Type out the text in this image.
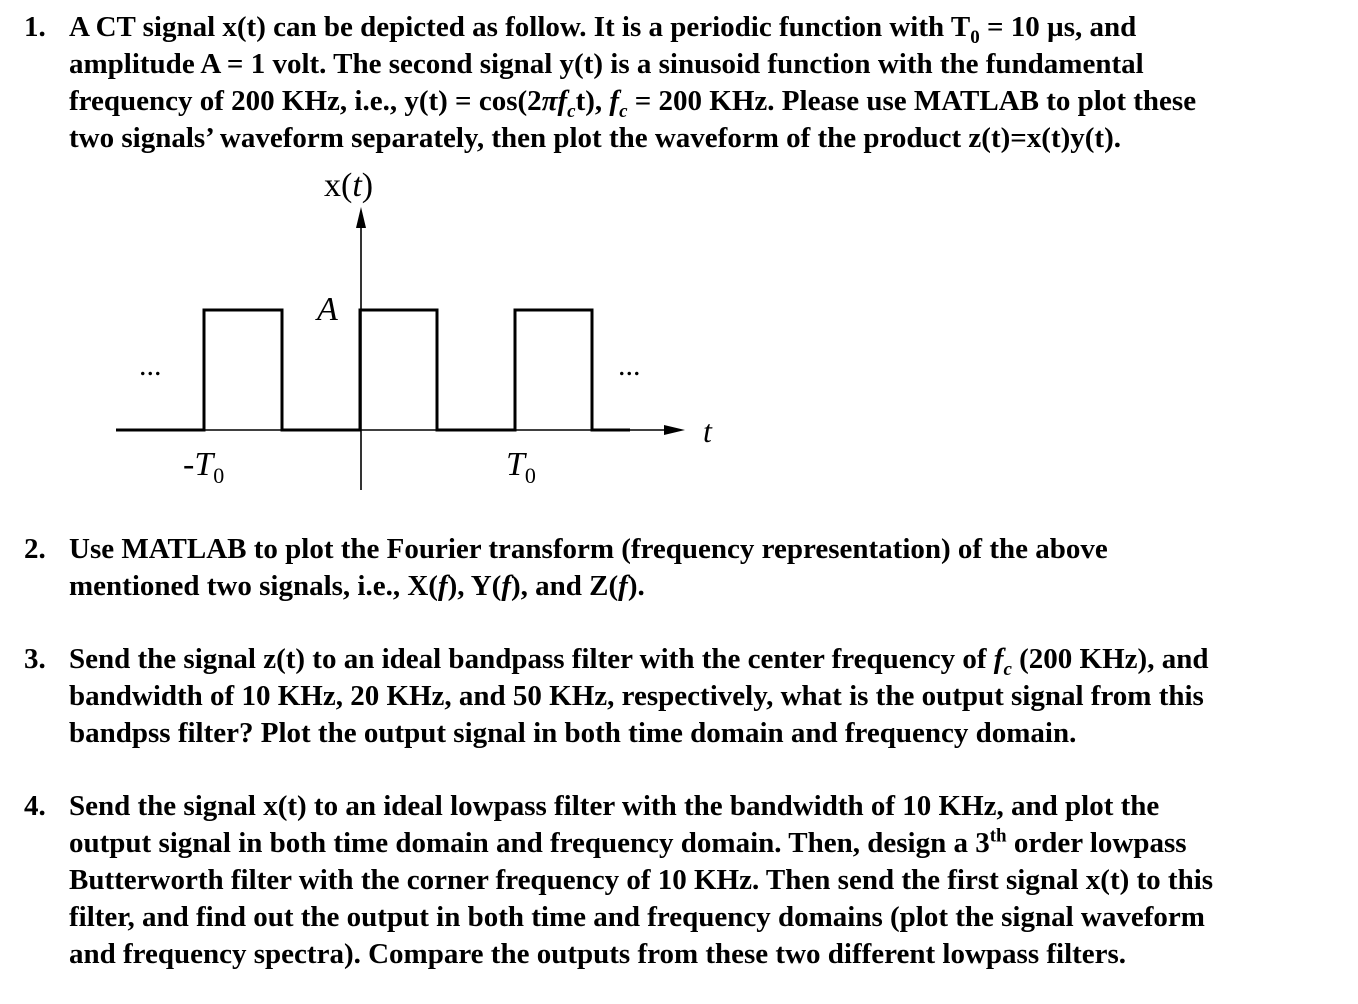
1. A CT signal x(t) can be depicted as follow. It is a periodic function with $T_0 = 10$ µs, and
amplitude A = 1 volt. The second signal y(t) is a sinusoid function with the fundamental
frequency of 200 KHz, i.e., $y(t) = \cos(2\pi f_ct)$, $f_c = 200$ KHz. Please use MATLAB to plot these
two signals’ waveform separately, then plot the waveform of the product z(t)=x(t)y(t).
x(t)
A
t
...	...
$-T_0$	$T_0$
2. Use MATLAB to plot the Fourier transform (frequency representation) of the above
mentioned two signals, i.e., X(f), Y(f), and Z(f).
3. Send the signal z(t) to an ideal bandpass filter with the center frequency of $f_c$ (200 KHz), and
bandwidth of 10 KHz, 20 KHz, and 50 KHz, respectively, what is the output signal from this
bandpss filter? Plot the output signal in both time domain and frequency domain.
4. Send the signal x(t) to an ideal lowpass filter with the bandwidth of 10 KHz, and plot the
output signal in both time domain and frequency domain. Then, design a 3th order lowpass
Butterworth filter with the corner frequency of 10 KHz. Then send the first signal x(t) to this
filter, and find out the output in both time and frequency domains (plot the signal waveform
and frequency spectra). Compare the outputs from these two different lowpass filters.
